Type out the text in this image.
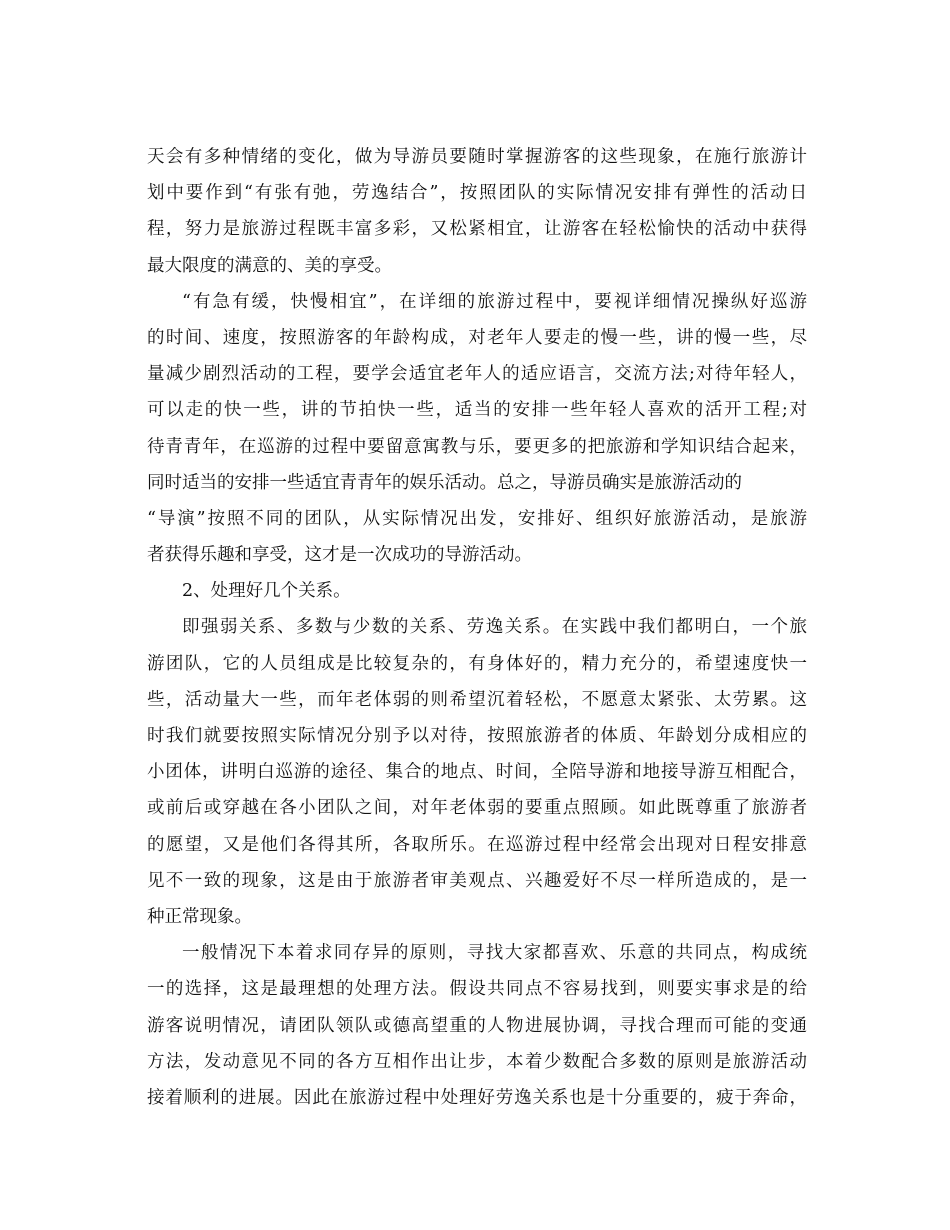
天会有多种情绪的变化，做为导游员要随时掌握游客的这些现象，在施行旅游计
划中要作到“有张有弛，劳逸结合”，按照团队的实际情况安排有弹性的活动日
程，努力是旅游过程既丰富多彩，又松紧相宜，让游客在轻松愉快的活动中获得
最大限度的满意的、美的享受。
“有急有缓，快慢相宜”，在详细的旅游过程中，要视详细情况操纵好巡游
的时间、速度，按照游客的年龄构成，对老年人要走的慢一些，讲的慢一些，尽
量减少剧烈活动的工程，要学会适宜老年人的适应语言，交流方法;对待年轻人，
可以走的快一些，讲的节拍快一些，适当的安排一些年轻人喜欢的活开工程;对
待青青年，在巡游的过程中要留意寓教与乐，要更多的把旅游和学知识结合起来，
同时适当的安排一些适宜青青年的娱乐活动。总之，导游员确实是旅游活动的
“导演”按照不同的团队，从实际情况出发，安排好、组织好旅游活动，是旅游
者获得乐趣和享受，这才是一次成功的导游活动。
2、处理好几个关系。
即强弱关系、多数与少数的关系、劳逸关系。在实践中我们都明白，一个旅
游团队，它的人员组成是比较复杂的，有身体好的，精力充分的，希望速度快一
些，活动量大一些，而年老体弱的则希望沉着轻松，不愿意太紧张、太劳累。这
时我们就要按照实际情况分别予以对待，按照旅游者的体质、年龄划分成相应的
小团体，讲明白巡游的途径、集合的地点、时间，全陪导游和地接导游互相配合，
或前后或穿越在各小团队之间，对年老体弱的要重点照顾。如此既尊重了旅游者
的愿望，又是他们各得其所，各取所乐。在巡游过程中经常会出现对日程安排意
见不一致的现象，这是由于旅游者审美观点、兴趣爱好不尽一样所造成的，是一
种正常现象。
一般情况下本着求同存异的原则，寻找大家都喜欢、乐意的共同点，构成统
一的选择，这是最理想的处理方法。假设共同点不容易找到，则要实事求是的给
游客说明情况，请团队领队或德高望重的人物进展协调，寻找合理而可能的变通
方法，发动意见不同的各方互相作出让步，本着少数配合多数的原则是旅游活动
接着顺利的进展。因此在旅游过程中处理好劳逸关系也是十分重要的，疲于奔命，
